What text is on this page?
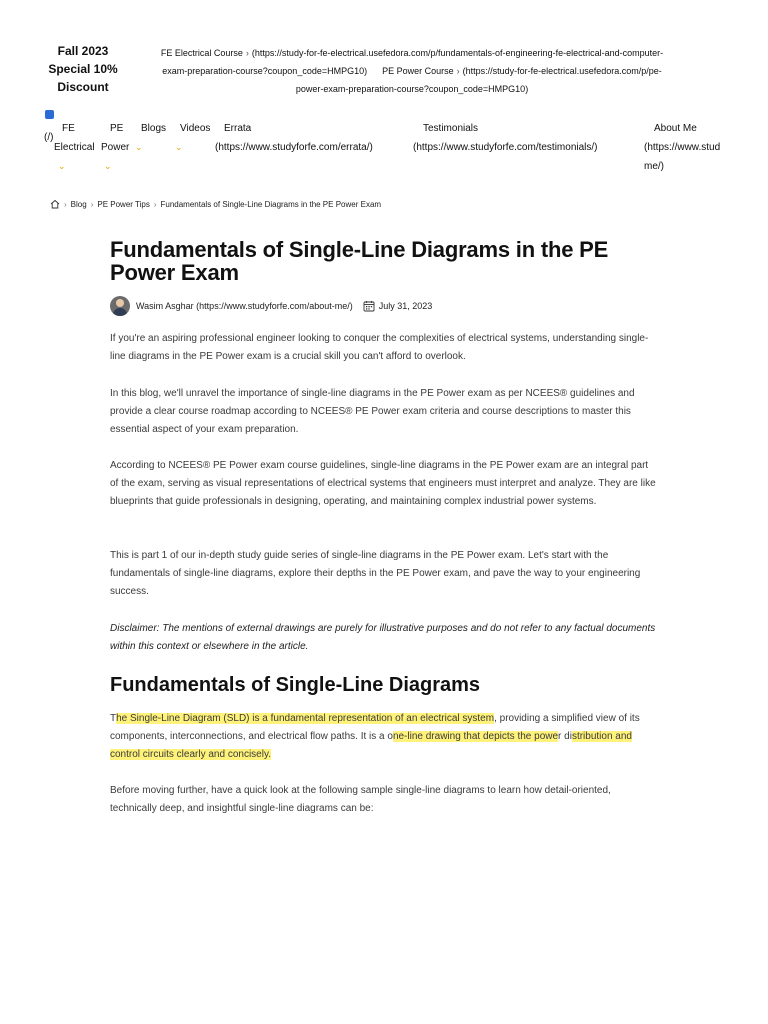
Fall 2023
Special 10%
Discount
FE Electrical Course › (https://study-for-fe-electrical.usefedora.com/p/fundamentals-of-engineering-fe-electrical-and-computer-
exam-preparation-course?coupon_code=HMPG10) PE Power Course › (https://study-for-fe-electrical.usefedora.com/p/pe-
power-exam-preparation-course?coupon_code=HMPG10)
(/)
FE
Electrical
⌄
PE
Power
⌄
⌄
Blogs
⌄
Videos	Errata
(https://www.studyforfe.com/errata/)
Testimonials
(https://www.studyforfe.com/testimonials/)
About Me
(https://www.stud
me/)
› Blog › PE Power Tips › Fundamentals of Single-Line Diagrams in the PE Power Exam
Fundamentals of Single-Line Diagrams in the PE Power Exam
Wasim Asghar (https://www.studyforfe.com/about-me/)	July 31, 2023

If you're an aspiring professional engineer looking to conquer the complexities of electrical systems, understanding single-line diagrams in the PE Power exam is a crucial skill you can't afford to overlook.

In this blog, we'll unravel the importance of single-line diagrams in the PE Power exam as per NCEES® guidelines and provide a clear course roadmap according to NCEES® PE Power exam criteria and course descriptions to master this essential aspect of your exam preparation.

According to NCEES® PE Power exam course guidelines, single-line diagrams in the PE Power exam are an integral part of the exam, serving as visual representations of electrical systems that engineers must interpret and analyze. They are like blueprints that guide professionals in designing, operating, and maintaining complex industrial power systems.

This is part 1 of our in-depth study guide series of single-line diagrams in the PE Power exam. Let's start with the fundamentals of single-line diagrams, explore their depths in the PE Power exam, and pave the way to your engineering success.

Disclaimer: The mentions of external drawings are purely for illustrative purposes and do not refer to any factual documents within this context or elsewhere in the article.

Fundamentals of Single-Line Diagrams

The Single-Line Diagram (SLD) is a fundamental representation of an electrical system, providing a simplified view of its components, interconnections, and electrical flow paths. It is a one-line drawing that depicts the power distribution and control circuits clearly and concisely.

Before moving further, have a quick look at the following sample single-line diagrams to learn how detail-oriented, technically deep, and insightful single-line diagrams can be:
